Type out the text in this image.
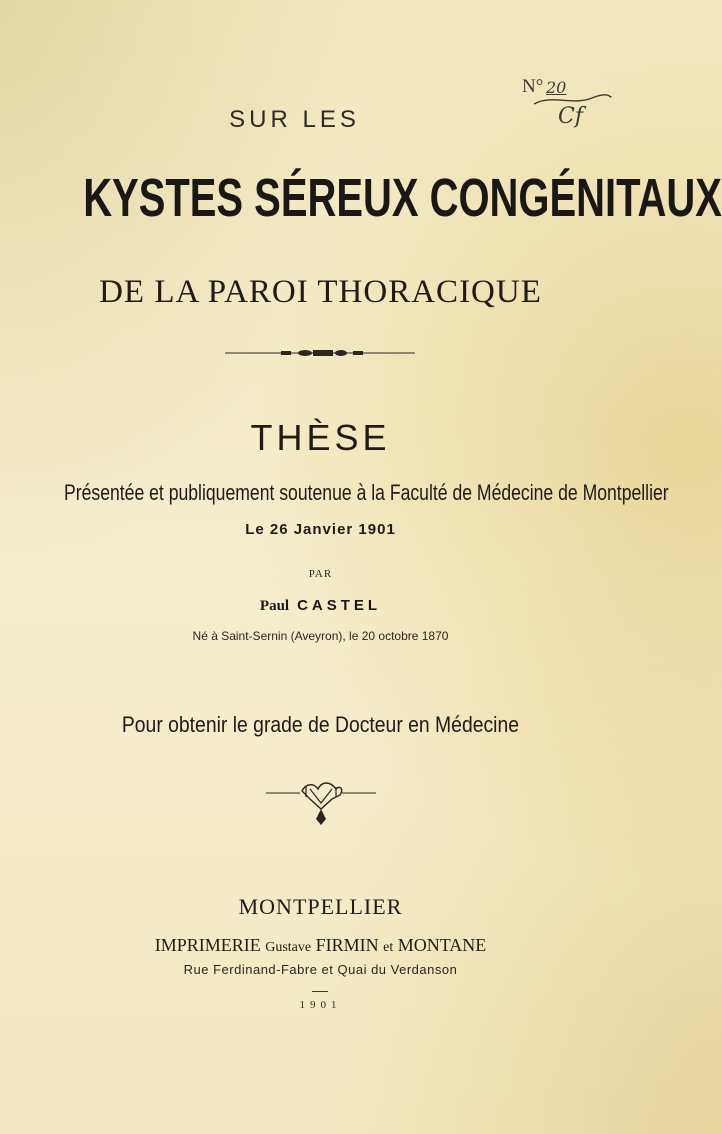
N° 20
Cf
SUR LES
KYSTES SÉREUX CONGÉNITAUX
DE LA PAROI THORACIQUE
THÈSE
Présentée et publiquement soutenue à la Faculté de Médecine de Montpellier
Le 26 Janvier 1901
PAR
Paul CASTEL
Né à Saint-Sernin (Aveyron), le 20 octobre 1870
Pour obtenir le grade de Docteur en Médecine
MONTPELLIER
IMPRIMERIE Gustave FIRMIN et MONTANE
Rue Ferdinand-Fabre et Quai du Verdanson
1901
